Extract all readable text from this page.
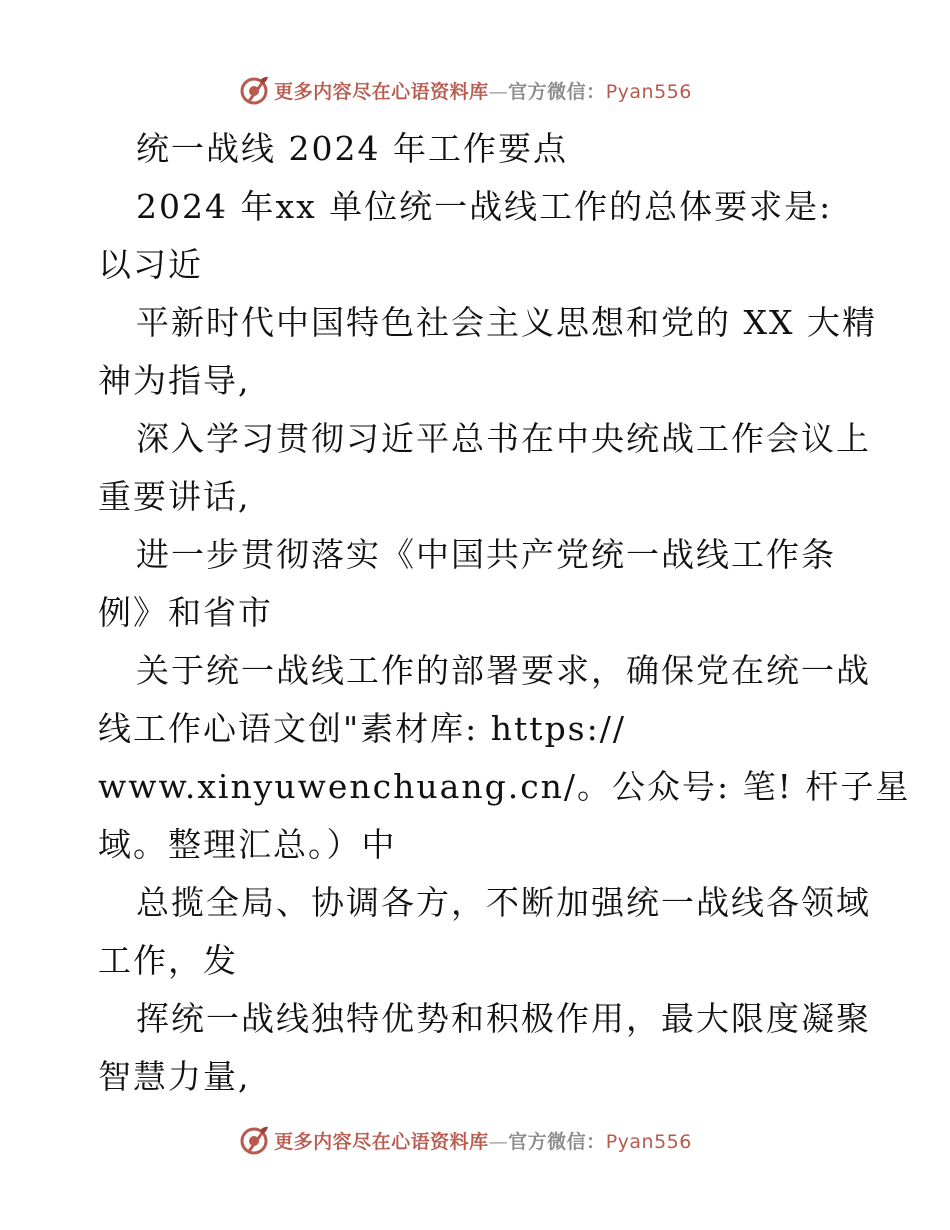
更多内容尽在心语资料库—官方微信：Pyan556
统一战线 2024 年工作要点
2024 年xx 单位统一战线工作的总体要求是:
以习近
平新时代中国特色社会主义思想和党的 XX 大精
神为指导,
深入学习贯彻习近平总书在中央统战工作会议上
重要讲话,
进一步贯彻落实《中国共产党统一战线工作条
例》和省市
关于统一战线工作的部署要求，确保党在统一战
线工作心语文创"素材库: https://
www.xinyuwenchuang.cn/。公众号: 笔! 杆子星
域。整理汇总。）中
总揽全局、协调各方，不断加强统一战线各领域
工作，发
挥统一战线独特优势和积极作用，最大限度凝聚
智慧力量,
更多内容尽在心语资料库—官方微信：Pyan556
